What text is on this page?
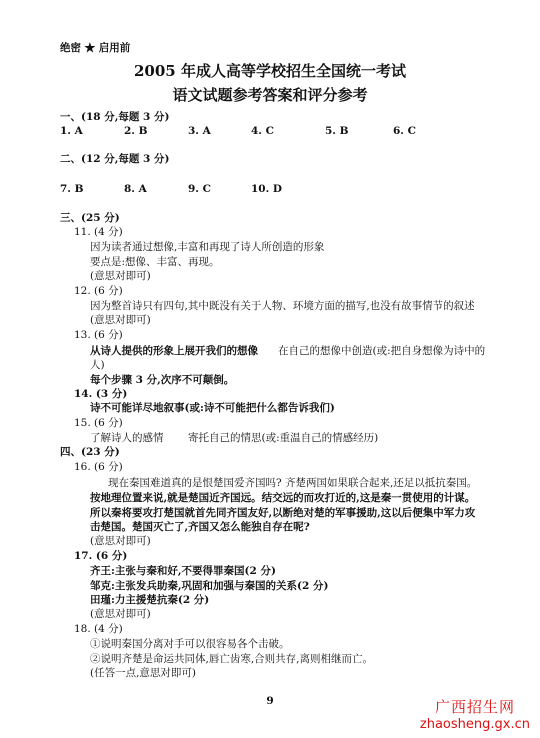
绝密 ★ 启用前
2005 年成人高等学校招生全国统一考试
语文试题参考答案和评分参考
一、(18 分,每题 3 分)
1. A	2. B	3. A	4. C	5. B	6. C
二、(12 分,每题 3 分)
7. B	8. A	9. C	10. D
三、(25 分)
11. (4 分)
因为读者通过想像,丰富和再现了诗人所创造的形象
要点是:想像、丰富、再现。
(意思对即可)
12. (6 分)
因为整首诗只有四句,其中既没有关于人物、环境方面的描写,也没有故事情节的叙述
(意思对即可)
13. (6 分)
从诗人提供的形象上展开我们的想像 在自己的想像中创造(或:把自身想像为诗中的
人)
每个步骤 3 分,次序不可颠倒。
14. (3 分)
诗不可能详尽地叙事(或:诗不可能把什么都告诉我们)
15. (6 分)
了解诗人的感情 寄托自己的情思(或:重温自己的情感经历)
四、(23 分)
16. (6 分)
现在秦国难道真的是恨楚国爱齐国吗? 齐楚两国如果联合起来,还足以抵抗秦国。
按地理位置来说,就是楚国近齐国远。结交远的而攻打近的,这是秦一贯使用的计谋。
所以秦将要攻打楚国就首先同齐国友好,以断绝对楚的军事援助,这以后便集中军力攻
击楚国。楚国灭亡了,齐国又怎么能独自存在呢?
(意思对即可)
17. (6 分)
齐王:主张与秦和好,不要得罪秦国(2 分)
邹克:主张发兵助秦,巩固和加强与秦国的关系(2 分)
田瑾:力主援楚抗秦(2 分)
(意思对即可)
18. (4 分)
①说明秦国分离对手可以很容易各个击破。
②说明齐楚是命运共同体,唇亡齿寒,合则共存,离则相继而亡。
(任答一点,意思对即可)
9	广西招生网
zhaosheng.gx.cn
